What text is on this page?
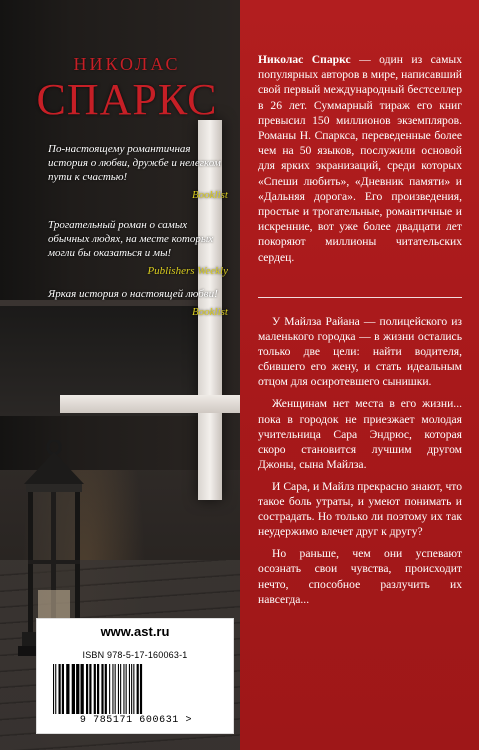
НИКОЛАС
СПАРКС
По-настоящему романтичная история о любви, дружбе и нелегком пути к счастью!
Booklist
Трогательный роман о самых обычных людях, на месте которых могли бы оказаться и мы!
Publishers Weekly
Яркая история о настоящей любви!
Booklist
www.ast.ru
ISBN 978-5-17-160063-1
9 785171 600631 >
Николас Спаркс — один из самых популярных авторов в мире, написавший свой первый международный бестселлер в 26 лет. Суммарный тираж его книг превысил 150 миллионов экземпляров. Романы Н. Спаркса, переведенные более чем на 50 языков, послужили основой для ярких экранизаций, среди которых «Спеши любить», «Дневник памяти» и «Дальняя дорога». Его произведения, простые и трогательные, романтичные и искренние, вот уже более двадцати лет покоряют миллионы читательских сердец.

У Майлза Райана — полицейского из маленького городка — в жизни остались только две цели: найти водителя, сбившего его жену, и стать идеальным отцом для осиротевшего сынишки.

Женщинам нет места в его жизни... пока в городок не приезжает молодая учительница Сара Эндрюс, которая скоро становится лучшим другом Джоны, сына Майлза.

И Сара, и Майлз прекрасно знают, что такое боль утраты, и умеют понимать и сострадать. Но только ли поэтому их так неудержимо влечет друг к другу?

Но раньше, чем они успевают осознать свои чувства, происходит нечто, способное разлучить их навсегда...
